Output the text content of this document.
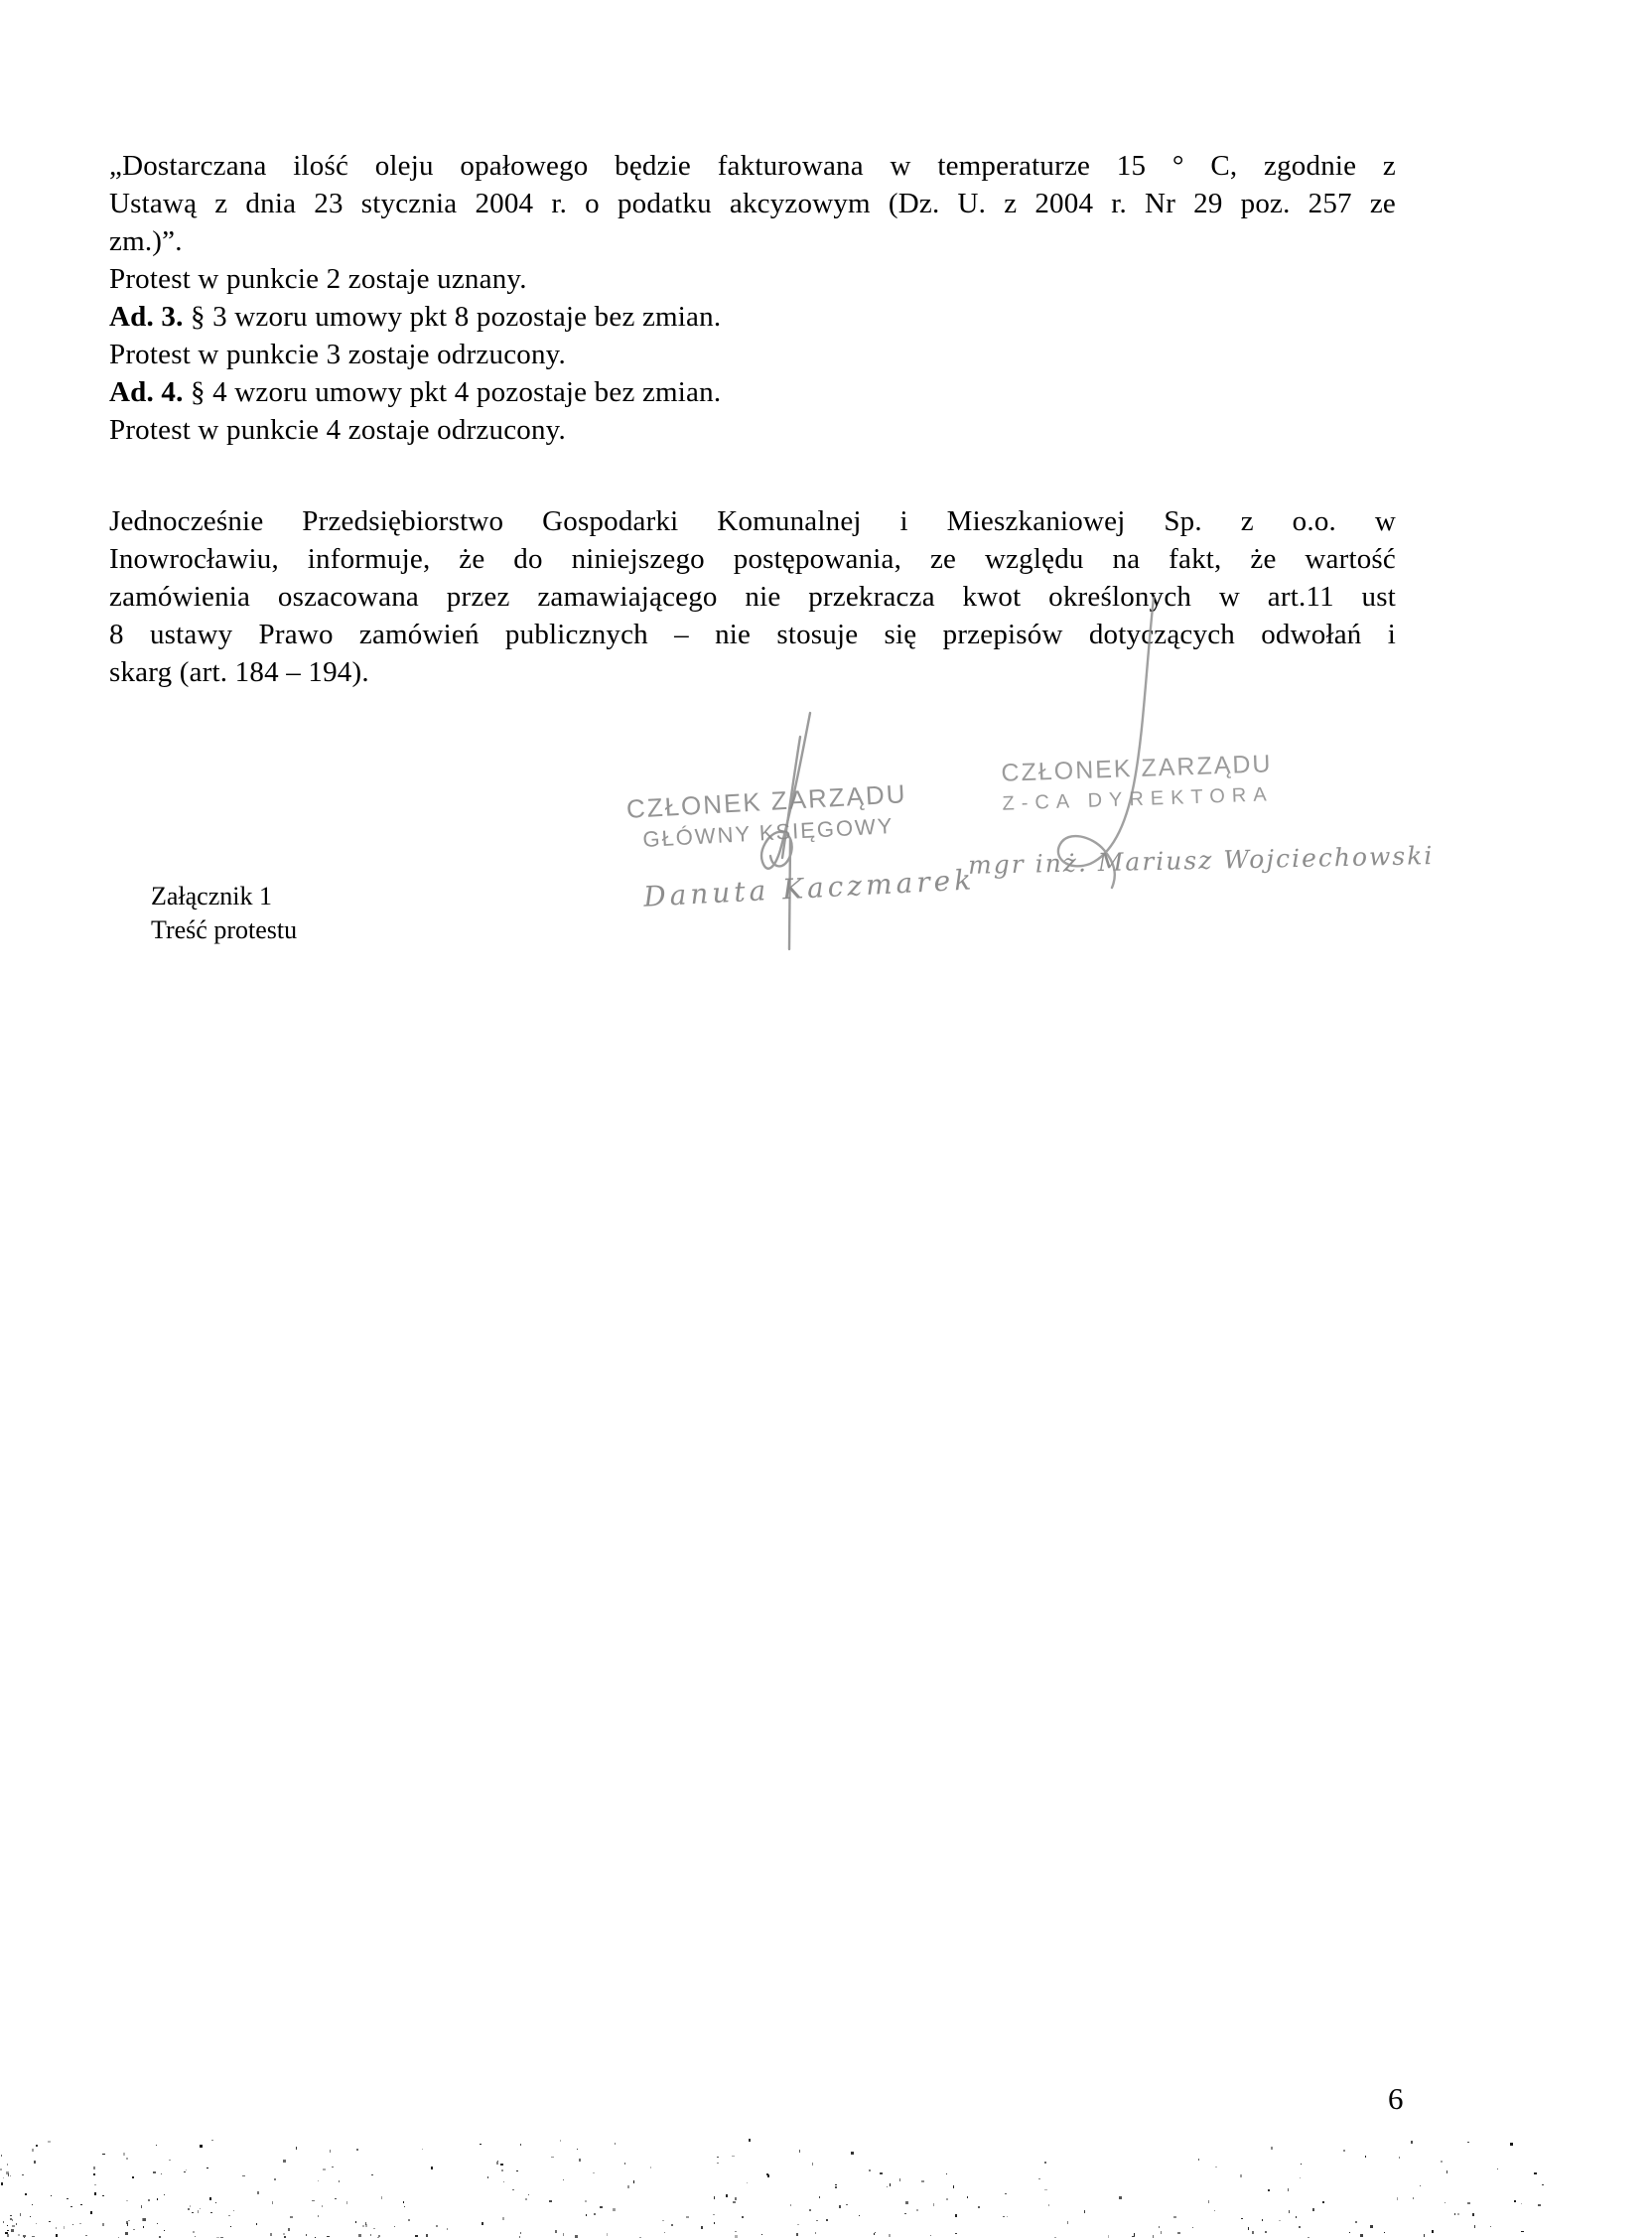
„Dostarczana ilość oleju opałowego będzie fakturowana w temperaturze 15 ° C, zgodnie z
Ustawą z dnia 23 stycznia 2004 r. o podatku akcyzowym (Dz. U. z 2004 r. Nr 29 poz. 257 ze
zm.)”.
Protest w punkcie 2 zostaje uznany.
Ad. 3. § 3 wzoru umowy pkt 8 pozostaje bez zmian.
Protest w punkcie 3 zostaje odrzucony.
Ad. 4. § 4 wzoru umowy pkt 4 pozostaje bez zmian.
Protest w punkcie 4 zostaje odrzucony.
Jednocześnie Przedsiębiorstwo Gospodarki Komunalnej i Mieszkaniowej Sp. z o.o. w
Inowrocławiu, informuje, że do niniejszego postępowania, ze względu na fakt, że wartość
zamówienia oszacowana przez zamawiającego nie przekracza kwot określonych w art.11 ust
8 ustawy Prawo zamówień publicznych – nie stosuje się przepisów dotyczących odwołań i
skarg (art. 184 – 194).
CZŁONEK ZARZĄDU
GŁÓWNY KSIĘGOWY
Danuta Kaczmarek
CZŁONEK ZARZĄDU
Z-CA DYREKTORA
mgr inż. Mariusz Wojciechowski
Załącznik 1
Treść protestu
6
